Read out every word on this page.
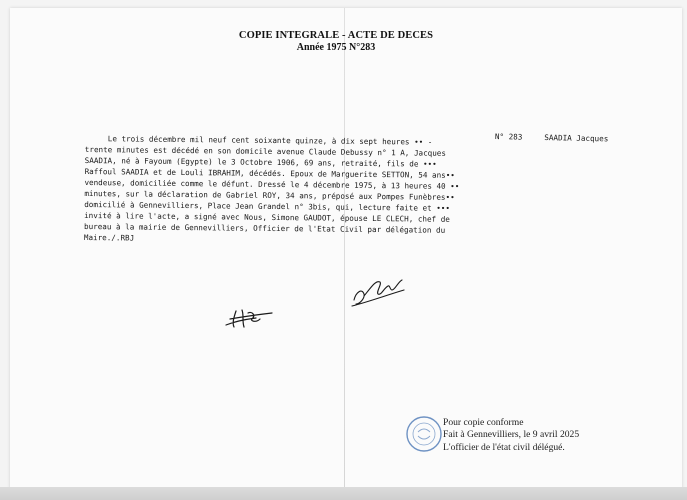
COPIE INTEGRALE - ACTE DE DECES
Année 1975 N°283
N° 283	SAADIA Jacques
Le trois décembre mil neuf cent soixante quinze, à dix sept heures •• -
trente minutes est décédé en son domicile avenue Claude Debussy n° 1 A, Jacques
SAADIA, né à Fayoum (Egypte) le 3 Octobre 1906, 69 ans, retraité, fils de •••
Raffoul SAADIA et de Louli IBRAHIM, décédés. Epoux de Marguerite SETTON, 54 ans••
vendeuse, domiciliée comme le défunt. Dressé le 4 décembre 1975, à 13 heures 40 ••
minutes, sur la déclaration de Gabriel ROY, 34 ans, préposé aux Pompes Funèbres••
domicilié à Gennevilliers, Place Jean Grandel n° 3bis, qui, lecture faite et •••
invité à lire l'acte, a signé avec Nous, Simone GAUDOT, épouse LE CLECH, chef de
bureau à la mairie de Gennevilliers, Officier de l'Etat Civil par délégation du
Maire./.RBJ
Pour copie conforme
Fait à Gennevilliers, le 9 avril 2025
L'officier de l'état civil délégué.
